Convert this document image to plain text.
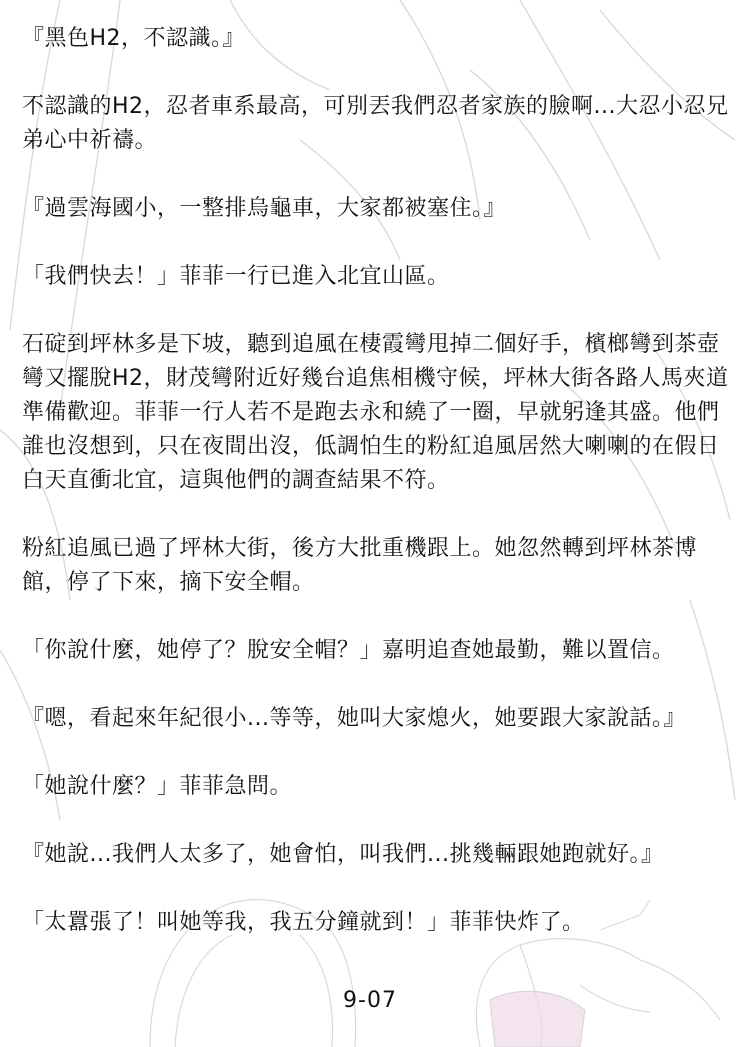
『黑色H2，不認識。』

不認識的H2，忍者車系最高，可別丟我們忍者家族的臉啊...大忍小忍兄弟心中祈禱。

『過雲海國小，一整排烏龜車，大家都被塞住。』

「我們快去！」菲菲一行已進入北宜山區。

石碇到坪林多是下坡，聽到追風在棲霞彎甩掉二個好手，檳榔彎到茶壺彎又擺脫H2，財茂彎附近好幾台追焦相機守候，坪林大街各路人馬夾道準備歡迎。菲菲一行人若不是跑去永和繞了一圈，早就躬逢其盛。他們誰也沒想到，只在夜間出沒，低調怕生的粉紅追風居然大喇喇的在假日白天直衝北宜，這與他們的調查結果不符。

粉紅追風已過了坪林大街，後方大批重機跟上。她忽然轉到坪林茶博館，停了下來，摘下安全帽。

「你說什麼，她停了？脫安全帽？」嘉明追查她最勤，難以置信。

『嗯，看起來年紀很小...等等，她叫大家熄火，她要跟大家說話。』

「她說什麼？」菲菲急問。

『她說...我們人太多了，她會怕，叫我們...挑幾輛跟她跑就好。』

「太囂張了！叫她等我，我五分鐘就到！」菲菲快炸了。

9-07
